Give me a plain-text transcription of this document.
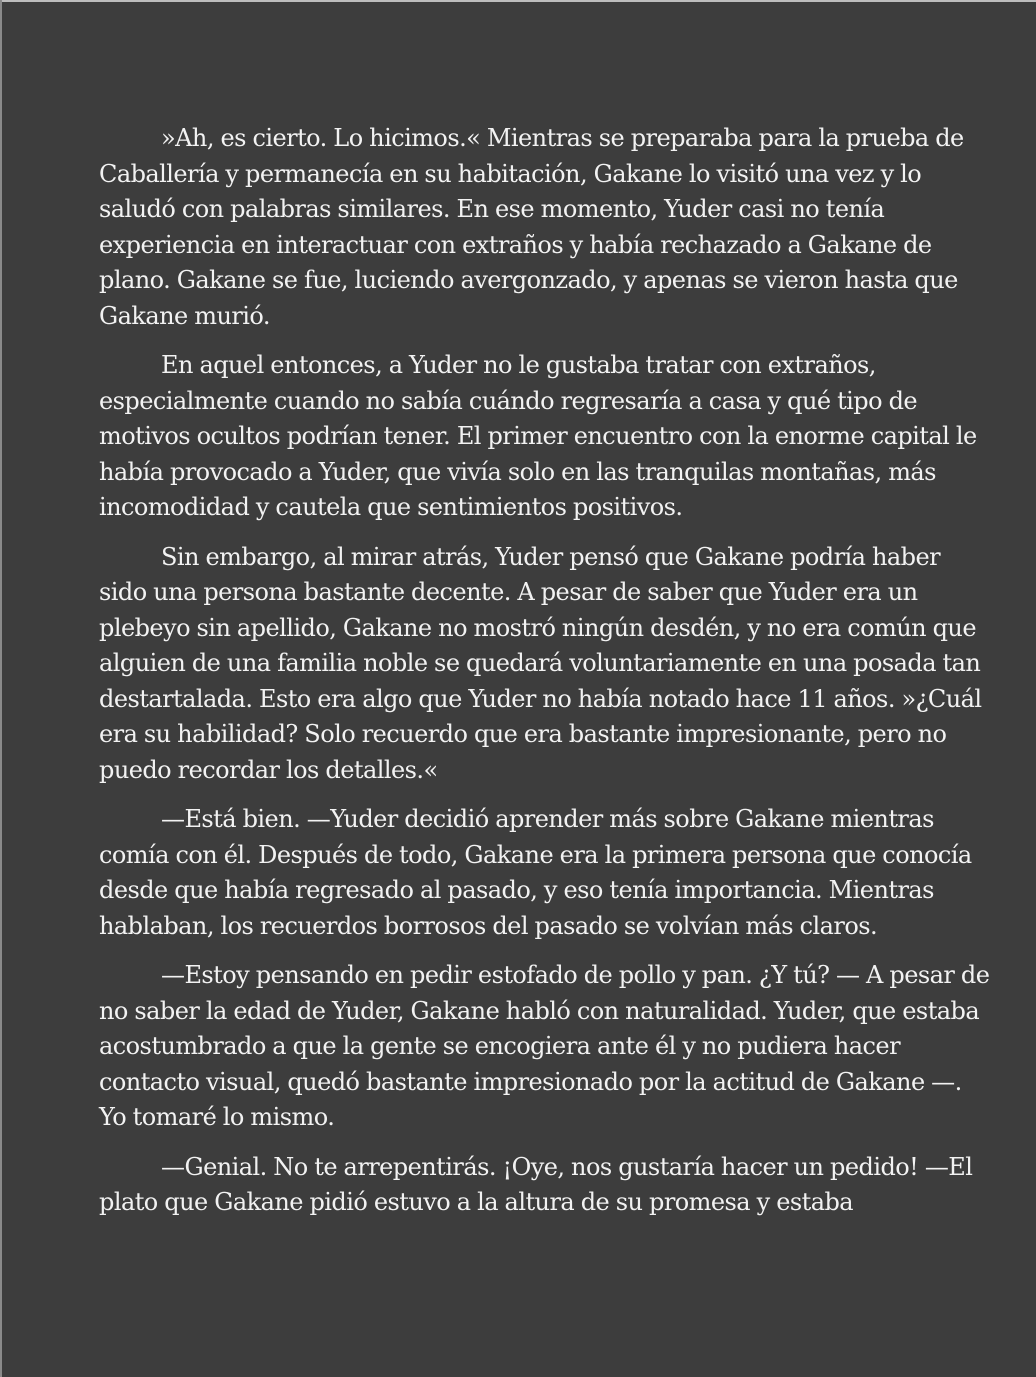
»Ah, es cierto. Lo hicimos.« Mientras se preparaba para la prueba de Caballería y permanecía en su habitación, Gakane lo visitó una vez y lo saludó con palabras similares. En ese momento, Yuder casi no tenía experiencia en interactuar con extraños y había rechazado a Gakane de plano. Gakane se fue, luciendo avergonzado, y apenas se vieron hasta que Gakane murió.

En aquel entonces, a Yuder no le gustaba tratar con extraños, especialmente cuando no sabía cuándo regresaría a casa y qué tipo de motivos ocultos podrían tener. El primer encuentro con la enorme capital le había provocado a Yuder, que vivía solo en las tranquilas montañas, más incomodidad y cautela que sentimientos positivos.

Sin embargo, al mirar atrás, Yuder pensó que Gakane podría haber sido una persona bastante decente. A pesar de saber que Yuder era un plebeyo sin apellido, Gakane no mostró ningún desdén, y no era común que alguien de una familia noble se quedará voluntariamente en una posada tan destartalada. Esto era algo que Yuder no había notado hace 11 años. »¿Cuál era su habilidad? Solo recuerdo que era bastante impresionante, pero no puedo recordar los detalles.«

—Está bien. —Yuder decidió aprender más sobre Gakane mientras comía con él. Después de todo, Gakane era la primera persona que conocía desde que había regresado al pasado, y eso tenía importancia. Mientras hablaban, los recuerdos borrosos del pasado se volvían más claros.

—Estoy pensando en pedir estofado de pollo y pan. ¿Y tú? — A pesar de no saber la edad de Yuder, Gakane habló con naturalidad. Yuder, que estaba acostumbrado a que la gente se encogiera ante él y no pudiera hacer contacto visual, quedó bastante impresionado por la actitud de Gakane —. Yo tomaré lo mismo.

—Genial. No te arrepentirás. ¡Oye, nos gustaría hacer un pedido! —El plato que Gakane pidió estuvo a la altura de su promesa y estaba
